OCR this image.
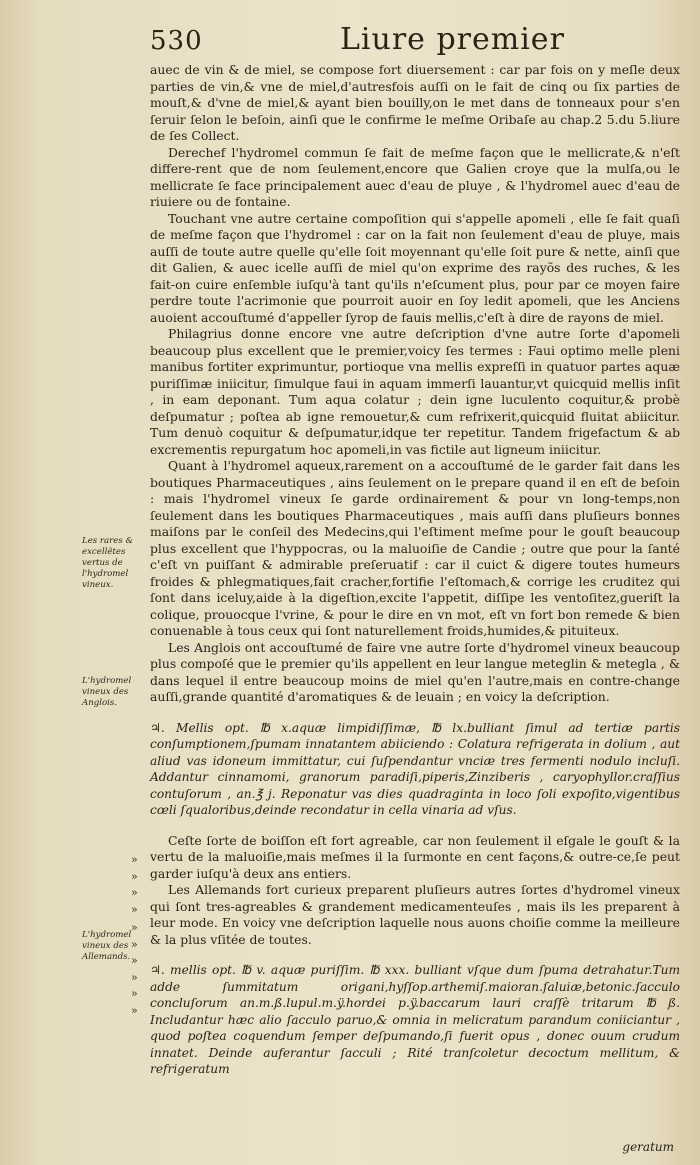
530	Liure premier
Les rares & excellẽtes vertus de l'hydromel vineux.
L'hydromel vineux des Anglois.
L'hydromel vineux des Allemands.
»
»
»
»
»
»
»
»
»
»

auec de vin & de miel, se compose fort diuersement : car par fois on y meſle deux parties de vin,& vne de miel,d'autresfois auſſi on le fait de cinq ou ſix parties de mouſt,& d'vne de miel,& ayant bien bouilly,on le met dans de tonneaux pour s'en ſeruir ſelon le beſoin, ainſi que le confirme le meſme Oribaſe au chap.2 5.du 5.liure de ſes Collect.

Derechef l'hydromel commun ſe fait de meſme façon que le mellicrate,& n'eſt differe-rent que de nom ſeulement,encore que Galien croye que la mulſa,ou le mellicrate ſe face principalement auec d'eau de pluye , & l'hydromel auec d'eau de riuiere ou de fontaine.

Touchant vne autre certaine compoſition qui s'appelle apomeli , elle ſe fait quaſi de meſme façon que l'hydromel : car on la fait non ſeulement d'eau de pluye, mais auſſi de toute autre quelle qu'elle ſoit moyennant qu'elle ſoit pure & nette, ainſi que dit Galien, & auec icelle auſſi de miel qu'on exprime des rayõs des ruches, & les fait-on cuire enſemble iuſqu'à tant qu'ils n'eſcument plus, pour par ce moyen faire perdre toute l'acrimonie que pourroit auoir en ſoy ledit apomeli, que les Anciens auoient accouſtumé d'appeller ſyrop de fauis mellis,c'eſt à dire de rayons de miel.

Philagrius donne encore vne autre deſcription d'vne autre ſorte d'apomeli beaucoup plus excellent que le premier,voicy ſes termes : Faui optimo melle pleni manibus fortiter exprimuntur, portioque vna mellis expreſſi in quatuor partes aquæ puriſſimæ iniicitur, ſimulque faui in aquam immerſi lauantur,vt quicquid mellis inſit , in eam deponant. Tum aqua colatur ; dein igne luculento coquitur,& probè deſpumatur ; poſtea ab igne remouetur,& cum refrixerit,quicquid fluitat abiicitur. Tum denuò coquitur & deſpumatur,idque ter repetitur. Tandem frigefactum & ab excrementis repurgatum hoc apomeli,in vas fictile aut ligneum iniicitur.

Quant à l'hydromel aqueux,rarement on a accouſtumé de le garder fait dans les boutiques Pharmaceutiques , ains ſeulement on le prepare quand il en eſt de beſoin : mais l'hydromel vineux ſe garde ordinairement & pour vn long-temps,non ſeulement dans les boutiques Pharmaceutiques , mais auſſi dans pluſieurs bonnes maiſons par le conſeil des Medecins,qui l'eſtiment meſme pour le gouſt beaucoup plus excellent que l'hyppocras, ou la maluoiſie de Candie ; outre que pour la ſanté c'eſt vn puiſſant & admirable preſeruatif : car il cuict & digere toutes humeurs froides & phlegmatiques,fait cracher,fortifie l'eſtomach,& corrige les cruditez qui ſont dans iceluy,aide à la digeſtion,excite l'appetit, diſſipe les ventoſitez,gueriſt la colique, prouocque l'vrine, & pour le dire en vn mot, eſt vn fort bon remede & bien conuenable à tous ceux qui ſont naturellement froids,humides,& pituiteux.

Les Anglois ont accouſtumé de faire vne autre ſorte d'hydromel vineux beaucoup plus compoſé que le premier qu'ils appellent en leur langue meteglin & metegla , & dans lequel il entre beaucoup moins de miel qu'en l'autre,mais en contre-change auſſi,grande quantité d'aromatiques & de leuain ; en voicy la deſcription.

♃. Mellis opt. ℔ x.aquæ limpidiſſimæ, ℔ lx.bulliant ſimul ad tertiæ partis conſumptionem,ſpumam innatantem abiiciendo : Colatura refrigerata in dolium , aut aliud vas idoneum immittatur, cui ſuſpendantur vnciæ tres fermenti nodulo incluſi. Addantur cinnamomi, granorum paradiſi,piperis,Zinziberis , caryophyllor.craſſius contuſorum , an.℥ j. Reponatur vas dies quadraginta in loco ſoli expoſito,vigentibus cœli ſqualoribus,deinde recondatur in cella vinaria ad vſus.

Ceſte ſorte de boiſſon eſt fort agreable, car non ſeulement il eſgale le gouſt & la vertu de la maluoiſie,mais meſmes il la ſurmonte en cent façons,& outre-ce,ſe peut garder iuſqu'à deux ans entiers.

Les Allemands fort curieux preparent pluſieurs autres ſortes d'hydromel vineux qui ſont tres-agreables & grandement medicamenteuſes , mais ils les preparent à leur mode. En voicy vne deſcription laquelle nous auons choiſie comme la meilleure & la plus vſitée de toutes.

♃. mellis opt. ℔ v. aquæ puriſſim. ℔ xxx. bulliant vſque dum ſpuma detrahatur.Tum adde ſummitatum origani,hyſſop.arthemiſ.maioran.ſaluiæ,betonic.ſacculo concluſorum an.m.ß.lupul.m.ÿ.hordei p.ÿ.baccarum lauri craſſè tritarum ℔ ß. Includantur hæc alio ſacculo paruo,& omnia in melicratum parandum coniiciantur , quod poſtea coquendum ſemper deſpumando,ſi fuerit opus , donec ouum crudum innatet. Deinde auferantur ſacculi ; Rité tranſcoletur decoctum mellitum, & refrigeratum

geratum
